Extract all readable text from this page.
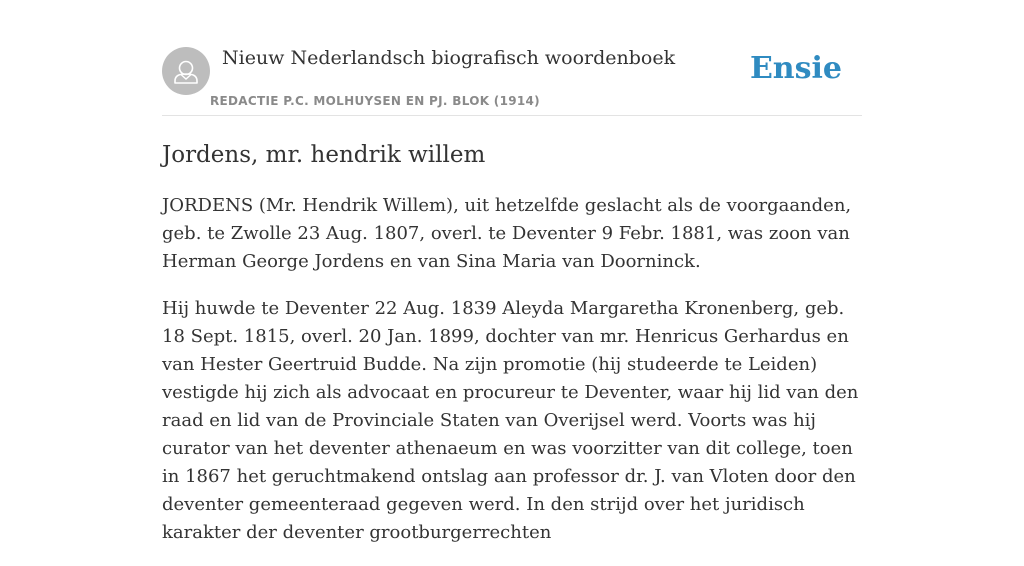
Nieuw Nederlandsch biografisch woordenboek
REDACTIE P.C. MOLHUYSEN EN PJ. BLOK (1914)
Ensie
Jordens, mr. hendrik willem

JORDENS (Mr. Hendrik Willem), uit hetzelfde geslacht als de voorgaanden, geb. te Zwolle 23 Aug. 1807, overl. te Deventer 9 Febr. 1881, was zoon van Herman George Jordens en van Sina Maria van Doorninck.

Hij huwde te Deventer 22 Aug. 1839 Aleyda Margaretha Kronenberg, geb. 18 Sept. 1815, overl. 20 Jan. 1899, dochter van mr. Henricus Gerhardus en van Hester Geertruid Budde. Na zijn promotie (hij studeerde te Leiden) vestigde hij zich als advocaat en procureur te Deventer, waar hij lid van den raad en lid van de Provinciale Staten van Overijsel werd. Voorts was hij curator van het deventer athenaeum en was voorzitter van dit college, toen in 1867 het geruchtmakend ontslag aan professor dr. J. van Vloten door den deventer gemeenteraad gegeven werd. In den strijd over het juridisch karakter der deventer grootburgerrechten
